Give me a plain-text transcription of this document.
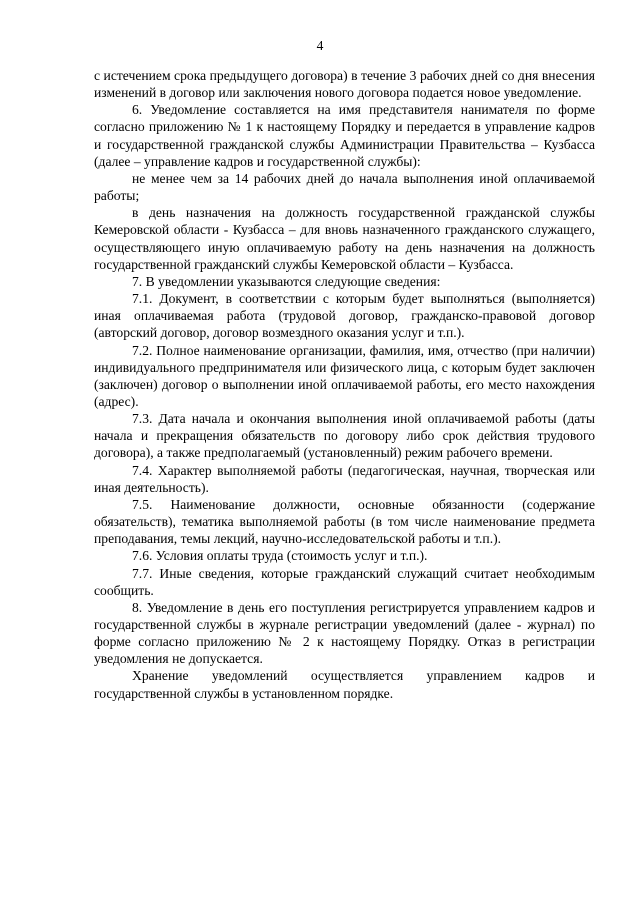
4

с истечением срока предыдущего договора) в течение 3 рабочих дней со дня внесения изменений в договор или заключения нового договора подается новое уведомление.

6. Уведомление составляется на имя представителя нанимателя по форме согласно приложению № 1 к настоящему Порядку и передается в управление кадров и государственной гражданской службы Администрации Правительства – Кузбасса (далее – управление кадров и государственной службы):

не менее чем за 14 рабочих дней до начала выполнения иной оплачиваемой работы;

в день назначения на должность государственной гражданской службы Кемеровской области - Кузбасса – для вновь назначенного гражданского служащего, осуществляющего иную оплачиваемую работу на день назначения на должность государственной гражданский службы Кемеровской области – Кузбасса.

7. В уведомлении указываются следующие сведения:

7.1. Документ, в соответствии с которым будет выполняться (выполняется) иная оплачиваемая работа (трудовой договор, гражданско-правовой договор (авторский договор, договор возмездного оказания услуг и т.п.).

7.2. Полное наименование организации, фамилия, имя, отчество (при наличии) индивидуального предпринимателя или физического лица, с которым будет заключен (заключен) договор о выполнении иной оплачиваемой работы, его место нахождения (адрес).

7.3. Дата начала и окончания выполнения иной оплачиваемой работы (даты начала и прекращения обязательств по договору либо срок действия трудового договора), а также предполагаемый (установленный) режим рабочего времени.

7.4. Характер выполняемой работы (педагогическая, научная, творческая или иная деятельность).

7.5. Наименование должности, основные обязанности (содержание обязательств), тематика выполняемой работы (в том числе наименование предмета преподавания, темы лекций, научно-исследовательской работы и т.п.).

7.6. Условия оплаты труда (стоимость услуг и т.п.).

7.7. Иные сведения, которые гражданский служащий считает необходимым сообщить.

8. Уведомление в день его поступления регистрируется управлением кадров и государственной службы в журнале регистрации уведомлений (далее - журнал) по форме согласно приложению № 2 к настоящему Порядку. Отказ в регистрации уведомления не допускается.

Хранение уведомлений осуществляется управлением кадров и государственной службы в установленном порядке.
